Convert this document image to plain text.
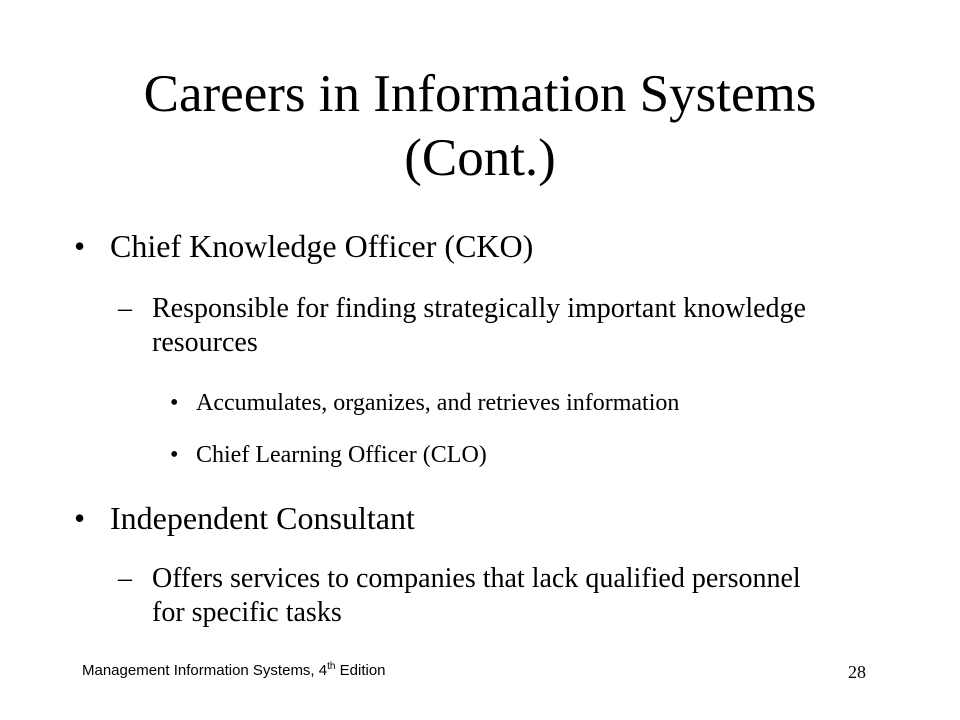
Careers in Information Systems
(Cont.)
• Chief Knowledge Officer (CKO)
– Responsible for finding strategically important knowledge resources
• Accumulates, organizes, and retrieves information
• Chief Learning Officer (CLO)
• Independent Consultant
– Offers services to companies that lack qualified personnel for specific tasks
Management Information Systems, 4th Edition	28
